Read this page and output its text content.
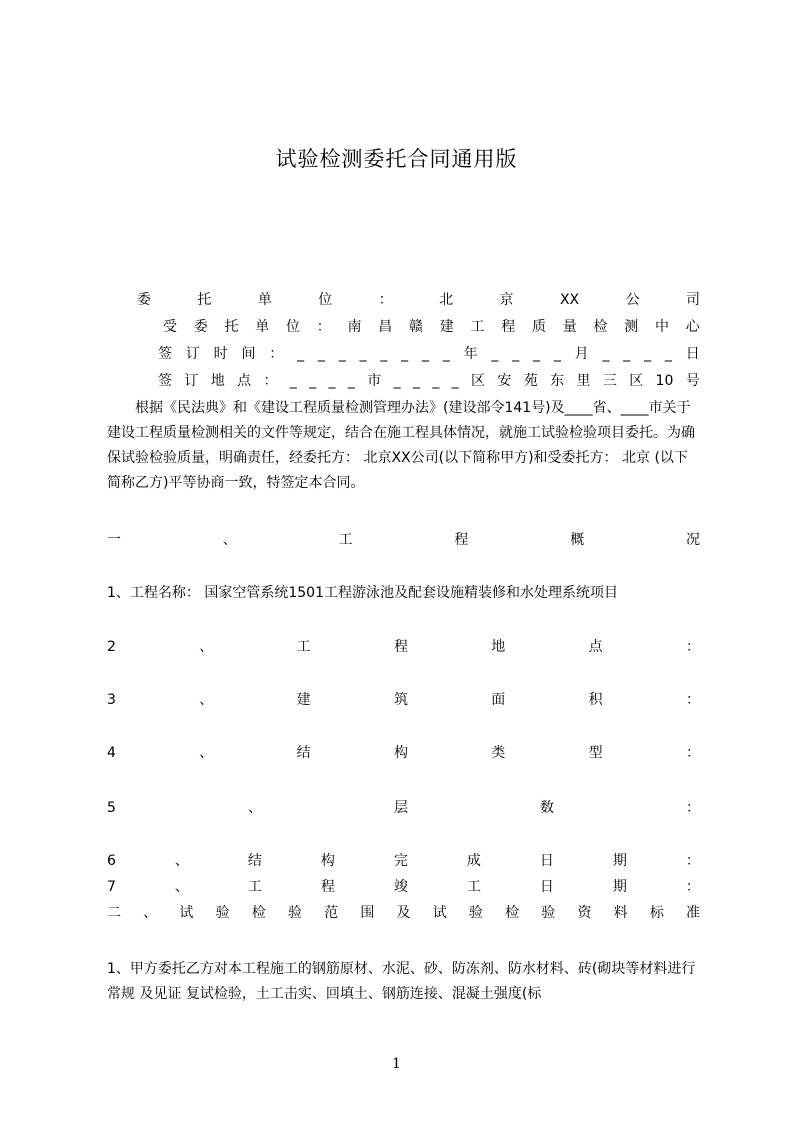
试验检测委托合同通用版
委	托	单	位	：	北	京	XX	公	司
受 委 托 单 位 ： 南 昌 赣 建 工 程 质 量 检 测 中 心
签 订 时 间 ： _ _ _ _ _ _ _ _ 年 _ _ _ _ 月 _ _ _ _ 日
签 订 地 点 ： _ _ _ _ 市 _ _ _ _ 区 安 苑 东 里 三 区 10 号
　　根据《民法典》和《建设工程质量检测管理办法》(建设部令141号)及____省、____市关于建设工程质量检测相关的文件等规定，结合在施工程具体情况，就施工试验检验项目委托。为确保试验检验质量，明确责任，经委托方： 北京XX公司(以下简称甲方)和受委托方： 北京 (以下简称乙方)平等协商一致，特签定本合同。
一	、	工	程	概	况
1、工程名称： 国家空管系统1501工程游泳池及配套设施精装修和水处理系统项目
2	、	工	程	地	点	：
3	、	建	筑	面	积	：
4	、	结	构	类	型	：
5	、	层	数	：
6	、	结	构	完	成	日	期	：
7	、	工	程	竣	工	日	期	：
二 、 试 验 检 验 范 围 及 试 验 检 验 资 料 标 准
1、甲方委托乙方对本工程施工的钢筋原材、水泥、砂、防冻剂、防水材料、砖(砌块等材料进行常规 及见证 复试检验，土工击实、回填土、钢筋连接、混凝土强度(标
1
